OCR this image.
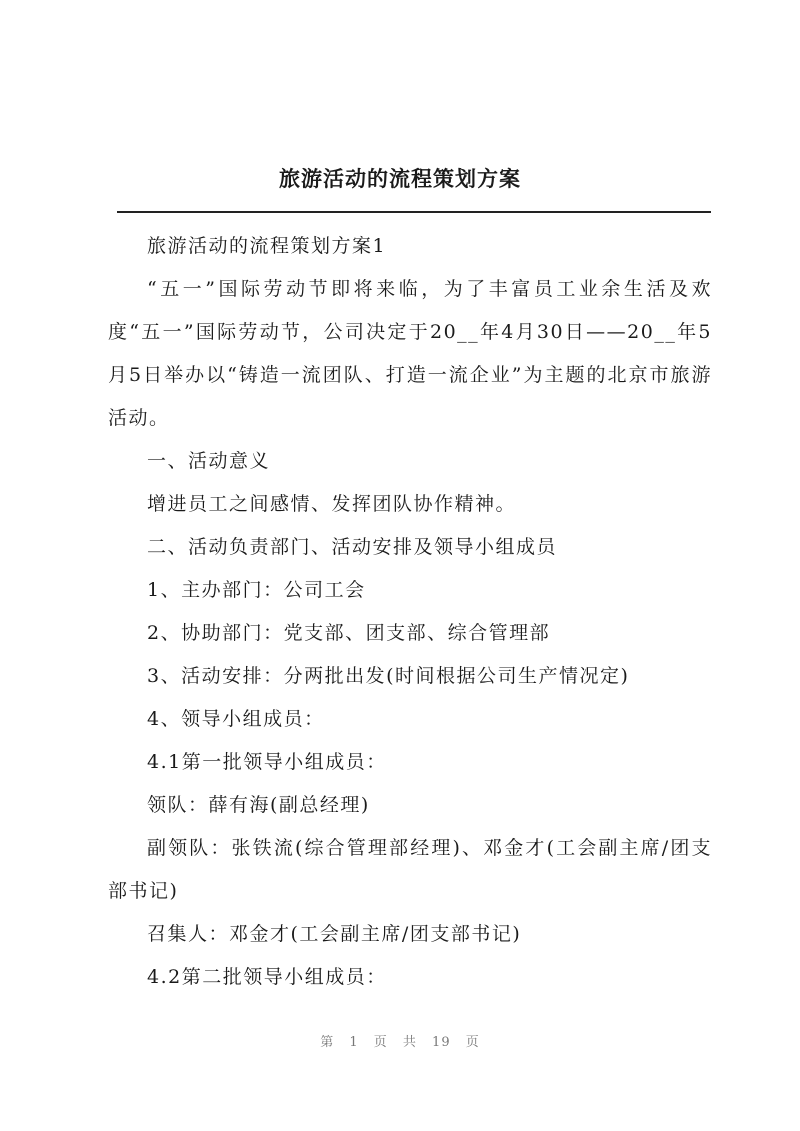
旅游活动的流程策划方案

旅游活动的流程策划方案1

“五一”国际劳动节即将来临，为了丰富员工业余生活及欢度“五一”国际劳动节，公司决定于20__年4月30日——20__年5月5日举办以“铸造一流团队、打造一流企业”为主题的北京市旅游活动。

一、活动意义

增进员工之间感情、发挥团队协作精神。

二、活动负责部门、活动安排及领导小组成员

1、主办部门：公司工会

2、协助部门：党支部、团支部、综合管理部

3、活动安排：分两批出发(时间根据公司生产情况定)

4、领导小组成员：

4.1第一批领导小组成员：

领队：薛有海(副总经理)

副领队：张铁流(综合管理部经理)、邓金才(工会副主席/团支部书记)

召集人：邓金才(工会副主席/团支部书记)

4.2第二批领导小组成员：

第 1 页 共 19 页
